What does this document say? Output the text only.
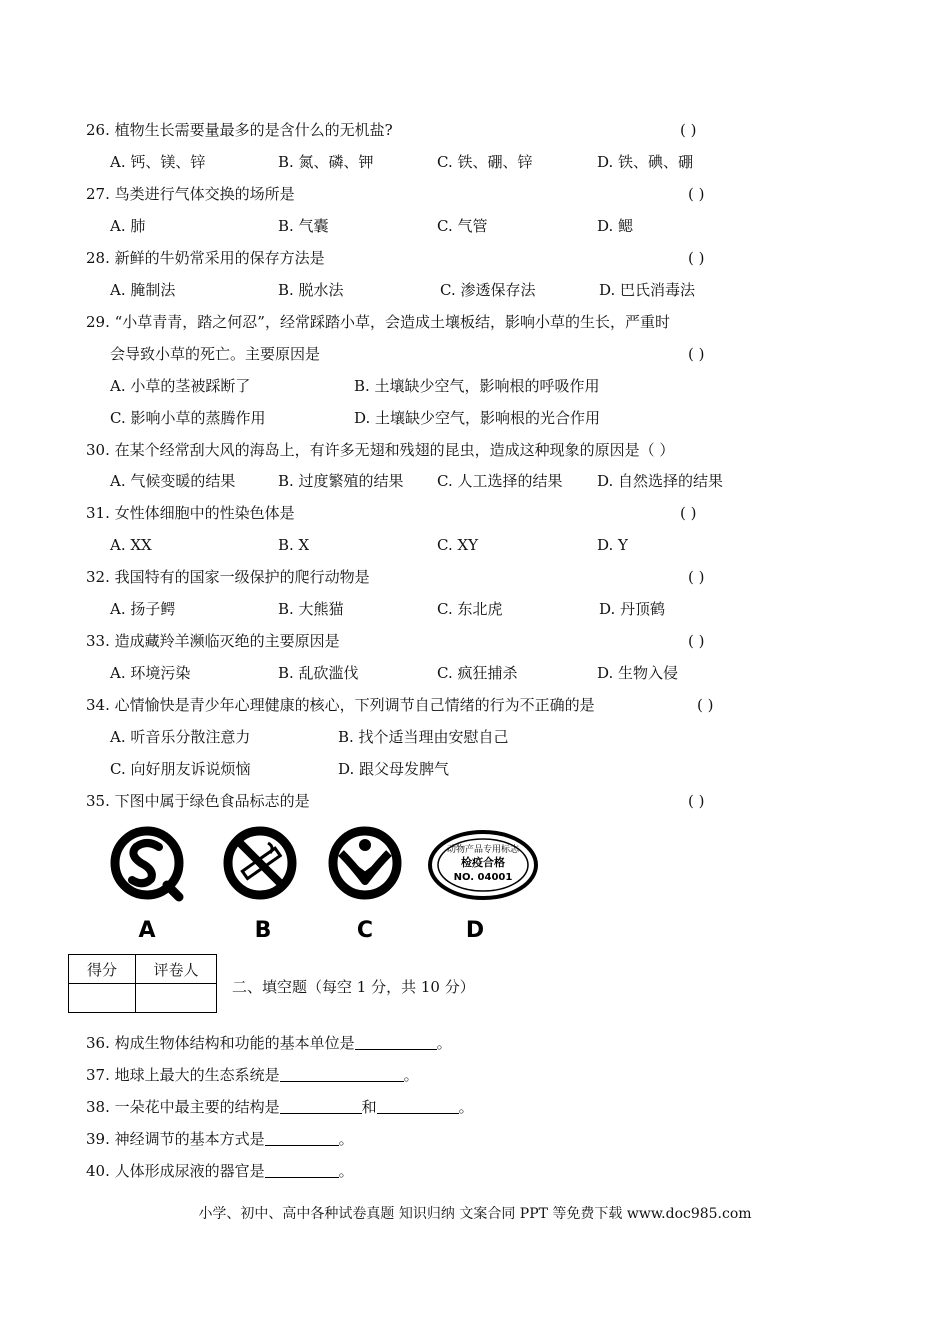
26. 植物生长需要量最多的是含什么的无机盐?	( )
A. 钙、镁、锌	B. 氮、磷、钾	C. 铁、硼、锌	D. 铁、碘、硼
27. 鸟类进行气体交换的场所是	( )
A. 肺	B. 气囊	C. 气管	D. 鳃
28. 新鲜的牛奶常采用的保存方法是	( )
A. 腌制法	B. 脱水法	C. 渗透保存法	D. 巴氏消毒法
29. “小草青青，踏之何忍”，经常踩踏小草，会造成土壤板结，影响小草的生长，严重时
会导致小草的死亡。主要原因是	( )
A. 小草的茎被踩断了	B. 土壤缺少空气，影响根的呼吸作用
C. 影响小草的蒸腾作用	D. 土壤缺少空气，影响根的光合作用
30. 在某个经常刮大风的海岛上，有许多无翅和残翅的昆虫，造成这种现象的原因是（ ）
A. 气候变暖的结果	B. 过度繁殖的结果 C. 人工选择的结果 D. 自然选择的结果
31. 女性体细胞中的性染色体是	( )
A. XX	B. X	C. XY	D. Y
32. 我国特有的国家一级保护的爬行动物是	( )
A. 扬子鳄	B. 大熊猫	C. 东北虎	D. 丹顶鹤
33. 造成藏羚羊濒临灭绝的主要原因是	( )
A. 环境污染	B. 乱砍滥伐	C. 疯狂捕杀	D. 生物入侵
34. 心情愉快是青少年心理健康的核心，下列调节自己情绪的行为不正确的是	( )
A. 听音乐分散注意力	B. 找个适当理由安慰自己
C. 向好朋友诉说烦恼	D. 跟父母发脾气
35. 下图中属于绿色食品标志的是	( )
动物产品专用标志
检疫合格
NO. 04001
A	B	C	D
得分	评卷人

二、填空题（每空 1 分，共 10 分）
36. 构成生物体结构和功能的基本单位是	。
37. 地球上最大的生态系统是	。
38. 一朵花中最主要的结构是	和	。
39. 神经调节的基本方式是	。
40. 人体形成尿液的器官是	。
小学、初中、高中各种试卷真题 知识归纳 文案合同 PPT 等免费下载 www.doc985.com
